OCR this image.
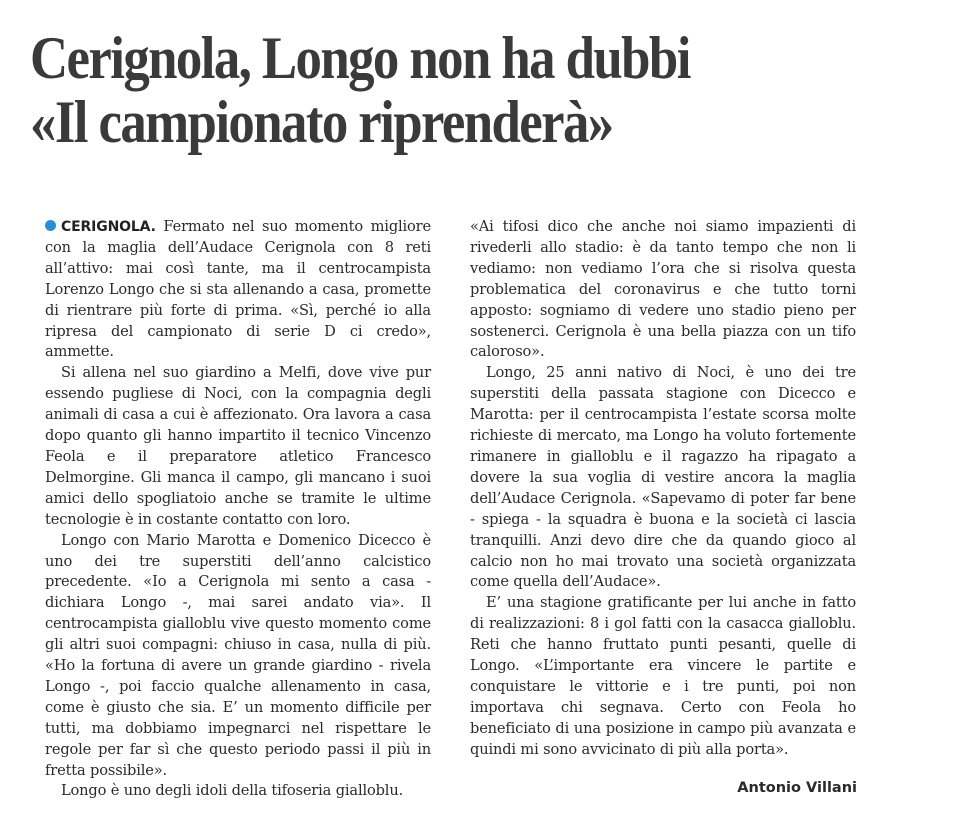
Cerignola, Longo non ha dubbi
«Il campionato riprenderà»

CERIGNOLA. Fermato nel suo momento migliore con la maglia dell’Audace Cerignola con 8 reti all’attivo: mai così tante, ma il centrocampista Lorenzo Longo che si sta allenando a casa, promette di rientrare più forte di prima. «Sì, perché io alla ripresa del campionato di serie D ci credo», ammette.

Si allena nel suo giardino a Melfi, dove vive pur essendo pugliese di Noci, con la compagnia degli animali di casa a cui è affezionato. Ora lavora a casa dopo quanto gli hanno impartito il tecnico Vincenzo Feola e il preparatore atletico Francesco Delmorgine. Gli manca il campo, gli mancano i suoi amici dello spogliatoio anche se tramite le ultime tecnologie è in costante contatto con loro.

Longo con Mario Marotta e Domenico Dicecco è uno dei tre superstiti dell’anno calcistico precedente. «Io a Cerignola mi sento a casa - dichiara Longo -, mai sarei andato via». Il centrocampista gialloblu vive questo momento come gli altri suoi compagni: chiuso in casa, nulla di più. «Ho la fortuna di avere un grande giardino - rivela Longo -, poi faccio qualche allenamento in casa, come è giusto che sia. E’ un momento difficile per tutti, ma dobbiamo impegnarci nel rispettare le regole per far sì che questo periodo passi il più in fretta possibile».

Longo è uno degli idoli della tifoseria gialloblu.

«Ai tifosi dico che anche noi siamo impazienti di rivederli allo stadio: è da tanto tempo che non li vediamo: non vediamo l’ora che si risolva questa problematica del coronavirus e che tutto torni apposto: sogniamo di vedere uno stadio pieno per sostenerci. Cerignola è una bella piazza con un tifo caloroso».

Longo, 25 anni nativo di Noci, è uno dei tre superstiti della passata stagione con Dicecco e Marotta: per il centrocampista l’estate scorsa molte richieste di mercato, ma Longo ha voluto fortemente rimanere in gialloblu e il ragazzo ha ripagato a dovere la sua voglia di vestire ancora la maglia dell’Audace Cerignola. «Sapevamo di poter far bene - spiega - la squadra è buona e la società ci lascia tranquilli. Anzi devo dire che da quando gioco al calcio non ho mai trovato una società organizzata come quella dell’Audace».

E’ una stagione gratificante per lui anche in fatto di realizzazioni: 8 i gol fatti con la casacca gialloblu. Reti che hanno fruttato punti pesanti, quelle di Longo. «L’importante era vincere le partite e conquistare le vittorie e i tre punti, poi non importava chi segnava. Certo con Feola ho beneficiato di una posizione in campo più avanzata e quindi mi sono avvicinato di più alla porta».

Antonio Villani
